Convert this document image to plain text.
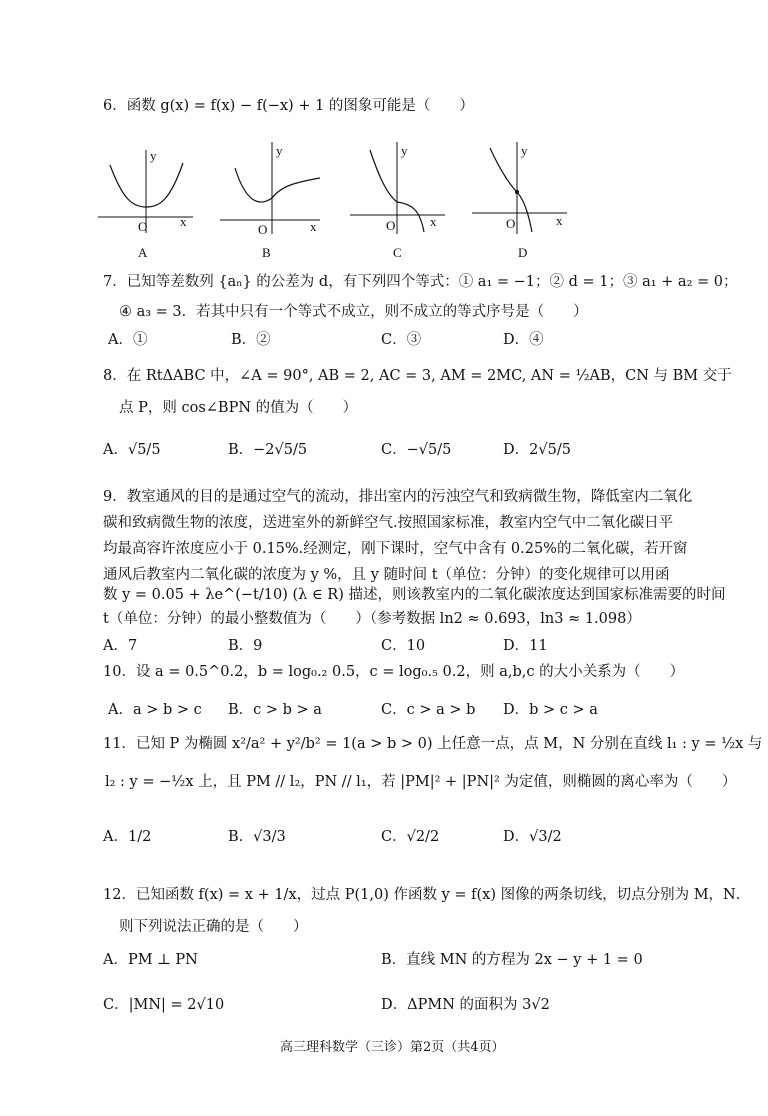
6．函数 g(x) = f(x) − f(−x) + 1 的图象可能是（　　）
y
O	x
A
y
O	x
B
y
O	x
C
y
O	x
D
7．已知等差数列 {aₙ} 的公差为 d，有下列四个等式：① a₁ = −1；② d = 1；③ a₁ + a₂ = 0；
④ a₃ = 3．若其中只有一个等式不成立，则不成立的等式序号是（　　）
A．①	B．②	C．③	D．④
8．在 RtΔABC 中，∠A = 90°, AB = 2, AC = 3, AM = 2MC, AN = ½AB，CN 与 BM 交于
点 P，则 cos∠BPN 的值为（　　）
A．√5/5	B．−2√5/5	C．−√5/5	D．2√5/5
9．教室通风的目的是通过空气的流动，排出室内的污浊空气和致病微生物，降低室内二氧化
碳和致病微生物的浓度，送进室外的新鲜空气.按照国家标准，教室内空气中二氧化碳日平
均最高容许浓度应小于 0.15%.经测定，刚下课时，空气中含有 0.25%的二氧化碳，若开窗
通风后教室内二氧化碳的浓度为 y %，且 y 随时间 t（单位：分钟）的变化规律可以用函
数 y = 0.05 + λe^(−t/10) (λ ∈ R) 描述，则该教室内的二氧化碳浓度达到国家标准需要的时间
t（单位：分钟）的最小整数值为（　　）（参考数据 ln2 ≈ 0.693，ln3 ≈ 1.098）
A．7	B．9	C．10	D．11
10．设 a = 0.5^0.2，b = log₀.₂ 0.5，c = log₀.₅ 0.2，则 a,b,c 的大小关系为（　　）
A．a > b > c B．c > b > a	C．c > a > b D．b > c > a
11．已知 P 为椭圆 x²/a² + y²/b² = 1(a > b > 0) 上任意一点，点 M，N 分别在直线 l₁ : y = ½x 与
l₂ : y = −½x 上，且 PM // l₂，PN // l₁，若 |PM|² + |PN|² 为定值，则椭圆的离心率为（　　）
A．1/2	B．√3/3	C．√2/2	D．√3/2
12．已知函数 f(x) = x + 1/x，过点 P(1,0) 作函数 y = f(x) 图像的两条切线，切点分别为 M，N．
则下列说法正确的是（　　）
A．PM ⊥ PN	B．直线 MN 的方程为 2x − y + 1 = 0
C．|MN| = 2√10	D．ΔPMN 的面积为 3√2
高三理科数学（三诊）第2页（共4页）
